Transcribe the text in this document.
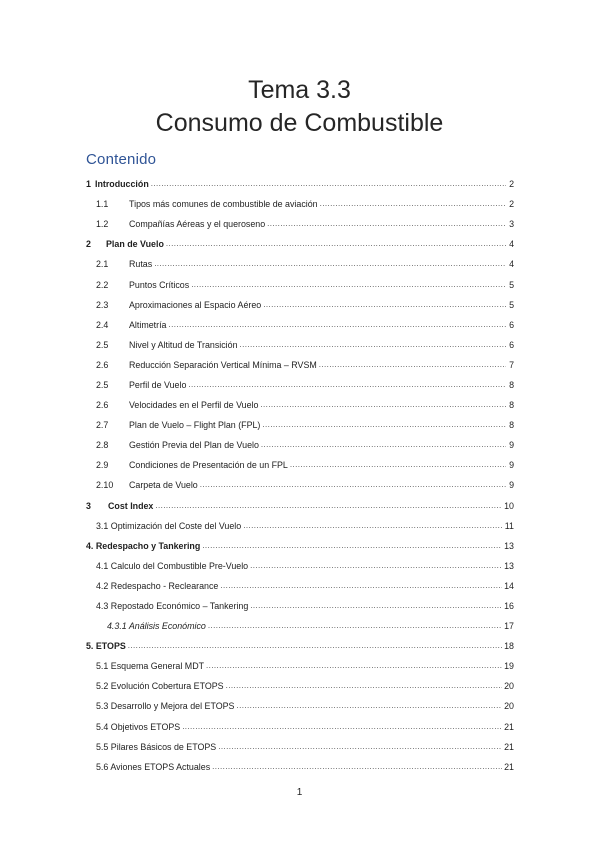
Tema 3.3
Consumo de Combustible
Contenido
1 Introducción .....	2
1.1	Tipos más comunes de combustible de aviación .....	2
1.2	Compañías Aéreas y el queroseno .....	3
2	Plan de Vuelo .....	4
2.1	Rutas .....	4
2.2	Puntos Críticos .....	5
2.3	Aproximaciones al Espacio Aéreo .....	5
2.4	Altimetría .....	6
2.5	Nivel y Altitud de Transición .....	6
2.6	Reducción Separación Vertical Mínima – RVSM .....	7
2.5	Perfil de Vuelo .....	8
2.6	Velocidades en el Perfil de Vuelo .....	8
2.7	Plan de Vuelo – Flight Plan (FPL) .....	8
2.8	Gestión Previa del Plan de Vuelo .....	9
2.9	Condiciones de Presentación de un FPL .....	9
2.10	Carpeta de Vuelo .....	9
3	Cost Index .....	10
3.1 Optimización del Coste del Vuelo .....	11
4. Redespacho y Tankering .....	13
4.1 Calculo del Combustible Pre-Vuelo .....	13
4.2 Redespacho - Reclearance .....	14
4.3 Repostado Económico – Tankering .....	16
4.3.1 Análisis Económico .....	17
5. ETOPS .....	18
5.1 Esquema General MDT .....	19
5.2 Evolución Cobertura ETOPS .....	20
5.3 Desarrollo y Mejora del ETOPS .....	20
5.4 Objetivos ETOPS .....	21
5.5 Pilares Básicos de ETOPS .....	21
5.6 Aviones ETOPS Actuales .....	21
1
